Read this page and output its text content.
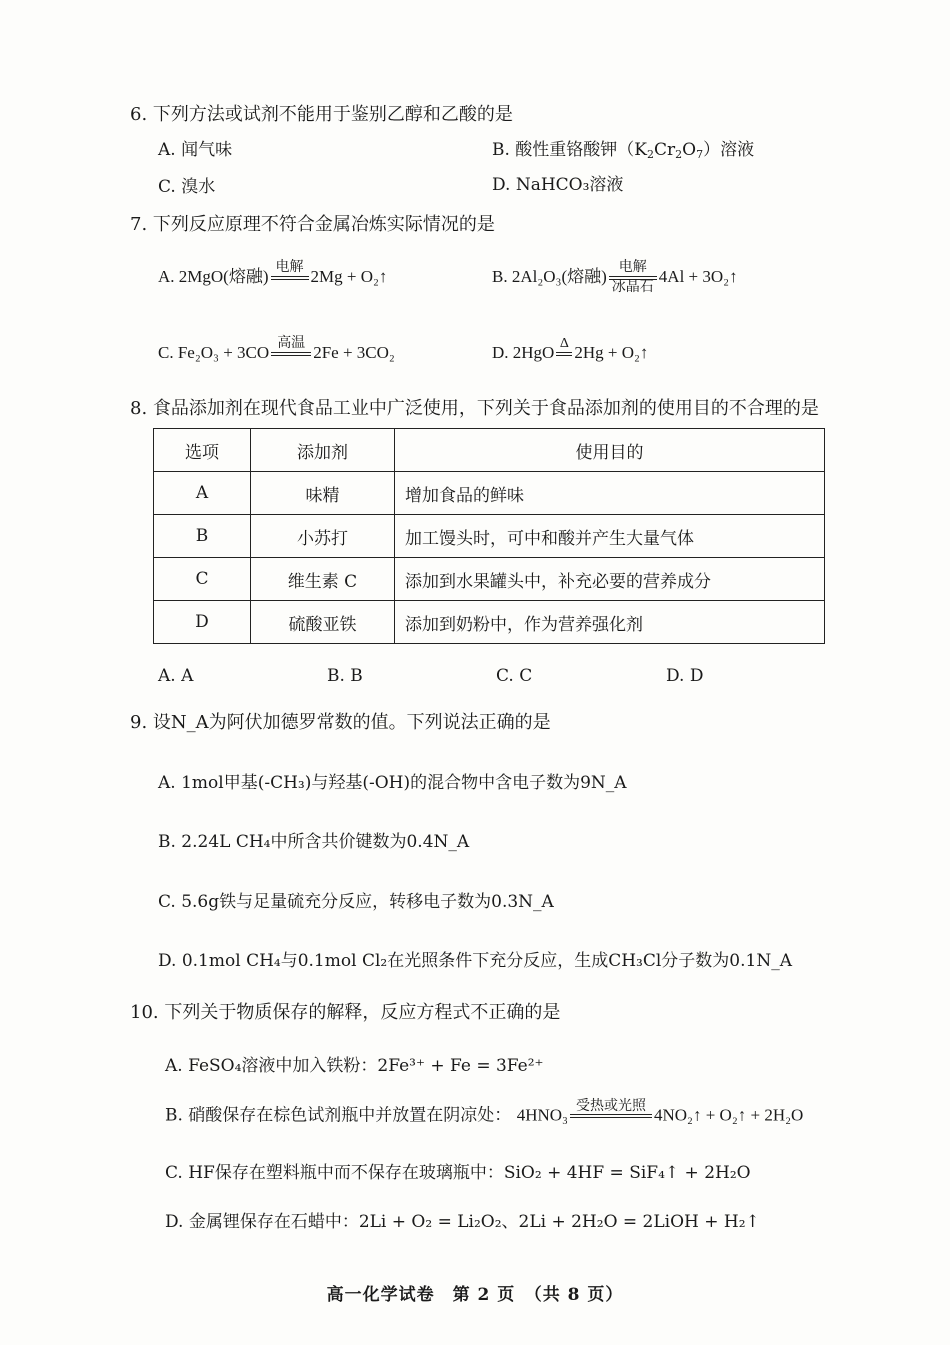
6. 下列方法或试剂不能用于鉴别乙醇和乙酸的是
A. 闻气味	B. 酸性重铬酸钾$(K_2Cr_2O_7)$溶液
C. 溴水	D. NaHCO₃溶液
7. 下列反应原理不符合金属冶炼实际情况的是
A. 2MgO(熔融) 电解 2Mg + O₂↑	B. 2Al₂O₃(熔融) 电解
冰晶石
4Al + 3O₂↑
C. Fe₂O₃ + 3CO 高温 2Fe + 3CO₂	D. 2HgO Δ 2Hg + O₂↑
8. 食品添加剂在现代食品工业中广泛使用，下列关于食品添加剂的使用目的不合理的是
选项	添加剂	使用目的
A	味精	增加食品的鲜味
B	小苏打	加工馒头时，可中和酸并产生大量气体
C	维生素 C	添加到水果罐头中，补充必要的营养成分
D	硫酸亚铁	添加到奶粉中，作为营养强化剂
A. A	B. B	C. C	D. D
9. 设N_A为阿伏加德罗常数的值。下列说法正确的是
A. 1mol甲基(-CH₃)与羟基(-OH)的混合物中含电子数为9N_A
B. 2.24L CH₄中所含共价键数为0.4N_A
C. 5.6g铁与足量硫充分反应，转移电子数为0.3N_A
D. 0.1mol CH₄与0.1mol Cl₂在光照条件下充分反应，生成CH₃Cl分子数为0.1N_A
10. 下列关于物质保存的解释，反应方程式不正确的是
A. FeSO₄溶液中加入铁粉：2Fe³⁺ + Fe = 3Fe²⁺
B. 硝酸保存在棕色试剂瓶中并放置在阴凉处： 4HNO₃ 受热或光照 4NO₂↑ + O₂↑ + 2H₂O
C. HF保存在塑料瓶中而不保存在玻璃瓶中：SiO₂ + 4HF = SiF₄↑ + 2H₂O
D. 金属锂保存在石蜡中：2Li + O₂ = Li₂O₂、2Li + 2H₂O = 2LiOH + H₂↑
高一化学试卷　第 2 页　（共 8 页）
